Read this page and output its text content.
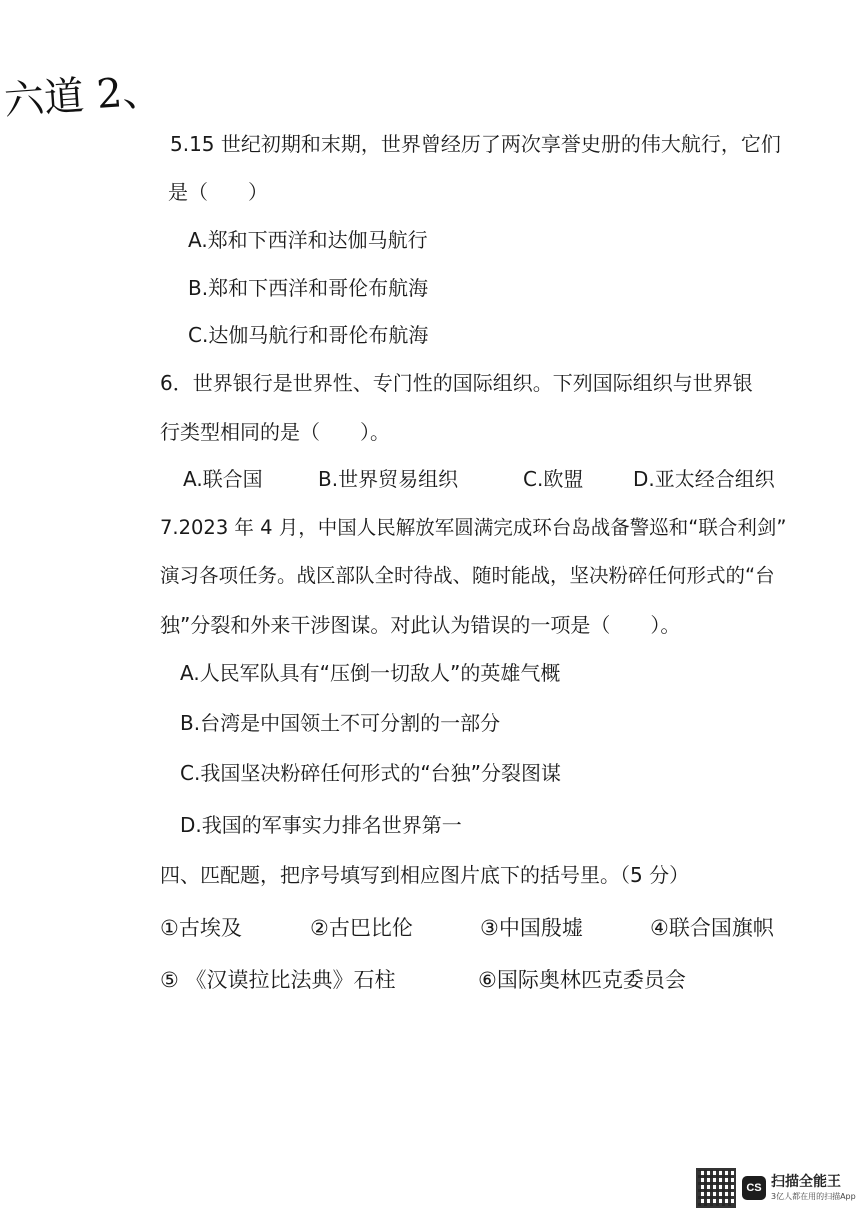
六道 2、
5.15 世纪初期和末期，世界曾经历了两次享誉史册的伟大航行，它们
是（　　）
A.郑和下西洋和达伽马航行
B.郑和下西洋和哥伦布航海
C.达伽马航行和哥伦布航海
6．世界银行是世界性、专门性的国际组织。下列国际组织与世界银
行类型相同的是（　　）。
A.联合国	B.世界贸易组织	C.欧盟	D.亚太经合组织
7.2023 年 4 月，中国人民解放军圆满完成环台岛战备警巡和“联合利剑”
演习各项任务。战区部队全时待战、随时能战，坚决粉碎任何形式的“台
独”分裂和外来干涉图谋。对此认为错误的一项是（　　）。
A.人民军队具有“压倒一切敌人”的英雄气概
B.台湾是中国领土不可分割的一部分
C.我国坚决粉碎任何形式的“台独”分裂图谋
D.我国的军事实力排名世界第一
四、匹配题，把序号填写到相应图片底下的括号里。（5 分）
①古埃及	②古巴比伦	③中国殷墟	④联合国旗帜
⑤ 《汉谟拉比法典》石柱	⑥国际奥林匹克委员会
CS 扫描全能王
3亿人都在用的扫描App
